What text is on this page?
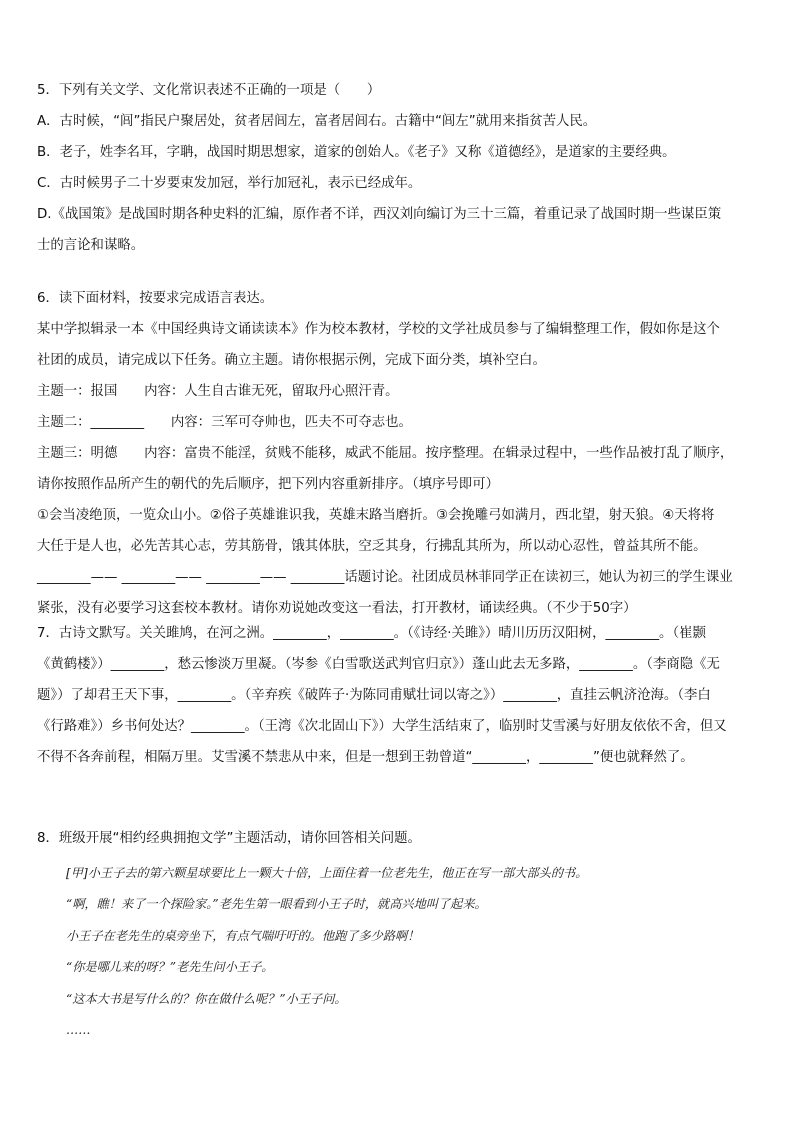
5．下列有关文学、文化常识表述不正确的一项是（　　）

A．古时候，“闾”指民户聚居处，贫者居闾左，富者居闾右。古籍中“闾左”就用来指贫苦人民。

B．老子，姓李名耳，字聃，战国时期思想家，道家的创始人。《老子》又称《道德经》，是道家的主要经典。

C．古时候男子二十岁要束发加冠，举行加冠礼，表示已经成年。

D.《战国策》是战国时期各种史料的汇编，原作者不详，西汉刘向编订为三十三篇，着重记录了战国时期一些谋臣策

士的言论和谋略。

6．读下面材料，按要求完成语言表达。

某中学拟辑录一本《中国经典诗文诵读读本》作为校本教材，学校的文学社成员参与了编辑整理工作，假如你是这个

社团的成员，请完成以下任务。确立主题。请你根据示例，完成下面分类，填补空白。

主题一：报国　　内容：人生自古谁无死，留取丹心照汗青。

主题二：________　　内容：三军可夺帅也，匹夫不可夺志也。

主题三：明德　　内容：富贵不能淫，贫贱不能移，威武不能屈。按序整理。在辑录过程中，一些作品被打乱了顺序，

请你按照作品所产生的朝代的先后顺序，把下列内容重新排序。（填序号即可）

①会当凌绝顶，一览众山小。②俗子英雄谁识我，英雄末路当磨折。③会挽雕弓如满月，西北望，射天狼。④天将将

大任于是人也，必先苦其心志，劳其筋骨，饿其体肤，空乏其身，行拂乱其所为，所以动心忍性，曾益其所不能。

________—— ________—— ________—— ________话题讨论。社团成员林菲同学正在读初三，她认为初三的学生课业

紧张，没有必要学习这套校本教材。请你劝说她改变这一看法，打开教材，诵读经典。（不少于50字）

7．古诗文默写。关关雎鸠，在河之洲。________，________。（《诗经·关雎》）晴川历历汉阳树，________。（崔颢

《黄鹤楼》）________，愁云惨淡万里凝。（岑参《白雪歌送武判官归京》）蓬山此去无多路，________。（李商隐《无

题》）了却君王天下事，________。（辛弃疾《破阵子·为陈同甫赋壮词以寄之》）________，直挂云帆济沧海。（李白

《行路难》）乡书何处达？________。（王湾《次北固山下》）大学生活结束了，临别时艾雪溪与好朋友依依不舍，但又

不得不各奔前程，相隔万里。艾雪溪不禁悲从中来，但是一想到王勃曾道“________，________”便也就释然了。

8．班级开展“相约经典拥抱文学”主题活动，请你回答相关问题。

[甲]小王子去的第六颗星球要比上一颗大十倍，上面住着一位老先生，他正在写一部大部头的书。

“啊，瞧！来了一个探险家。”老先生第一眼看到小王子时，就高兴地叫了起来。

小王子在老先生的桌旁坐下，有点气喘吁吁的。他跑了多少路啊！

“你是哪儿来的呀？”老先生问小王子。

“这本大书是写什么的？你在做什么呢？”小王子问。

……
